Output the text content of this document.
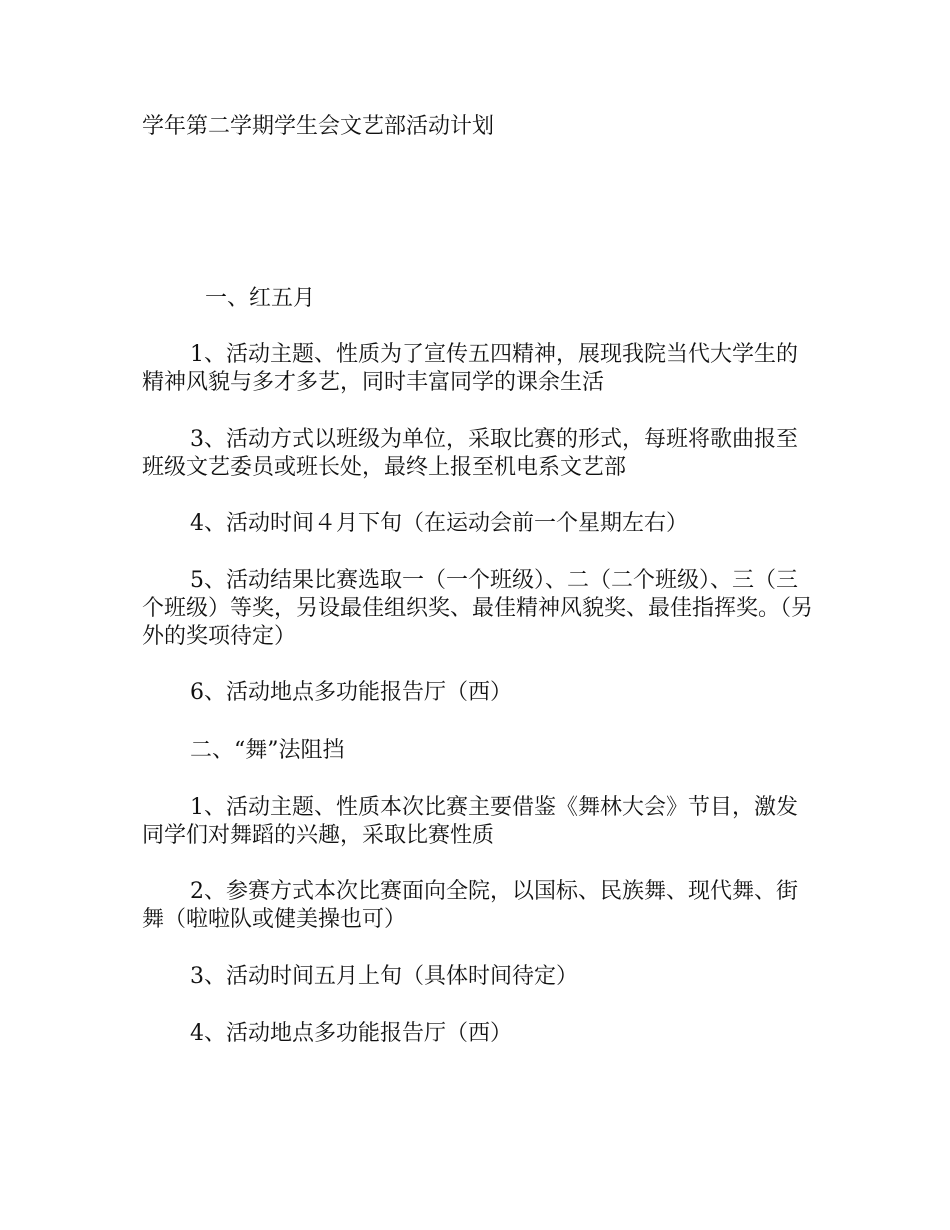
学年第二学期学生会文艺部活动计划
一、红五月

1、活动主题、性质为了宣传五四精神，展现我院当代大学生的精神风貌与多才多艺，同时丰富同学的课余生活

3、活动方式以班级为单位，采取比赛的形式，每班将歌曲报至班级文艺委员或班长处，最终上报至机电系文艺部

4、活动时间４月下旬（在运动会前一个星期左右）

5、活动结果比赛选取一（一个班级）、二（二个班级）、三（三个班级）等奖，另设最佳组织奖、最佳精神风貌奖、最佳指挥奖。（另外的奖项待定）

6、活动地点多功能报告厅（西）

二、“舞”法阻挡

1、活动主题、性质本次比赛主要借鉴《舞林大会》节目，激发同学们对舞蹈的兴趣，采取比赛性质

2、参赛方式本次比赛面向全院，以国标、民族舞、现代舞、街舞（啦啦队或健美操也可）

3、活动时间五月上旬（具体时间待定）

4、活动地点多功能报告厅（西）
